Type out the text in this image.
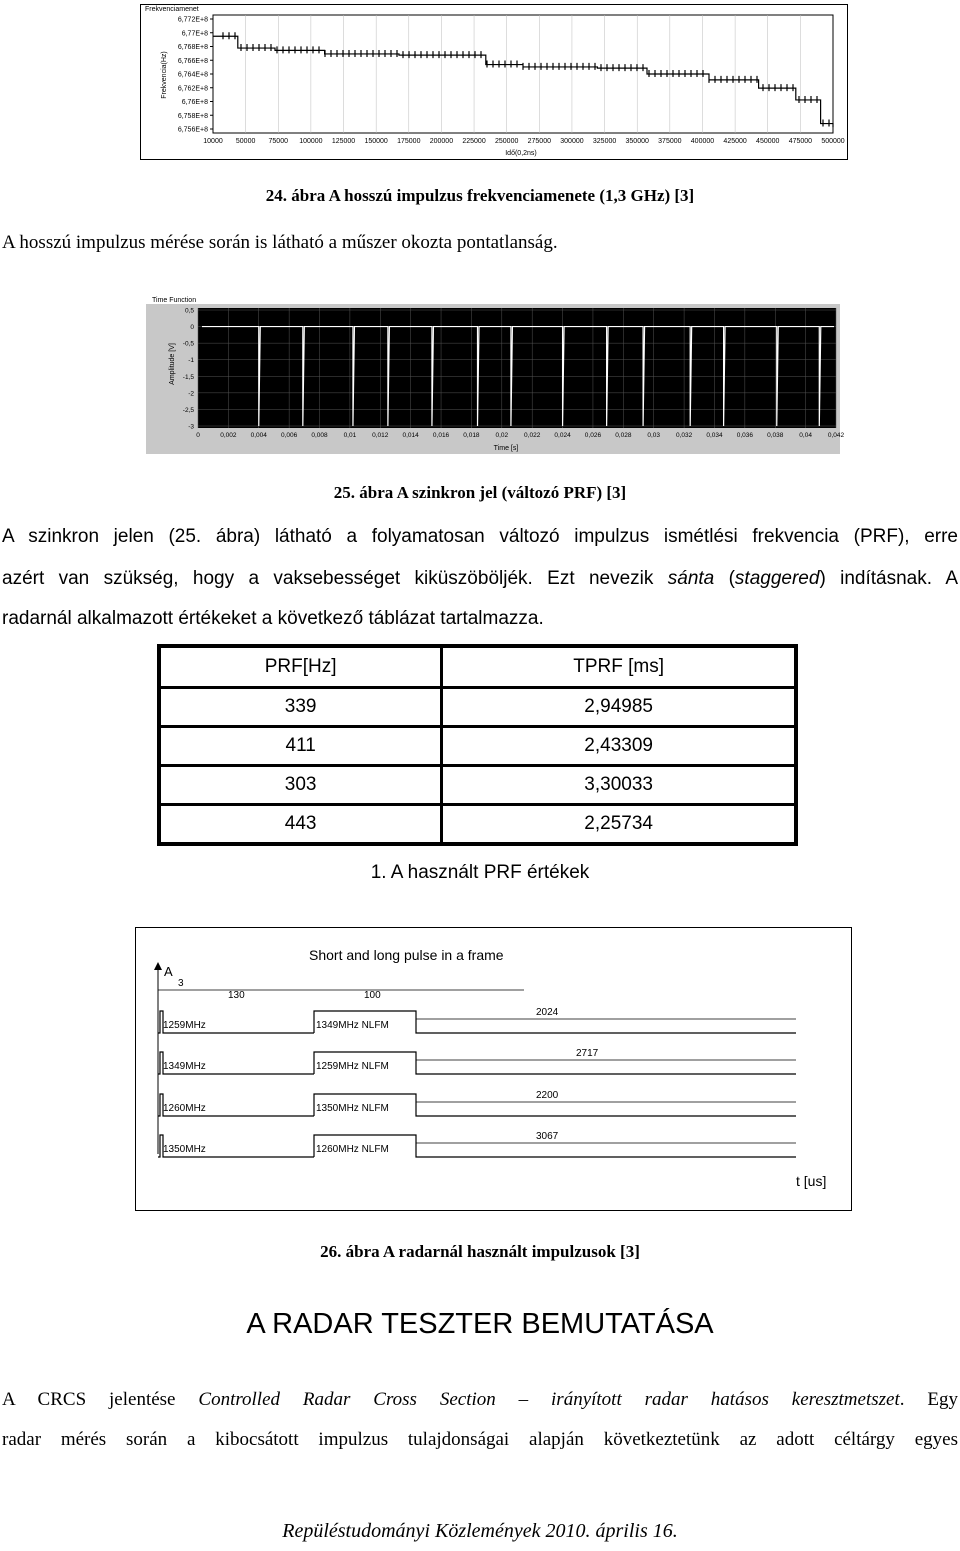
Frekvenciamenet
Frekvencia(Hz)
6,772E+8
6,77E+8
6,768E+8
6,766E+8
6,764E+8
6,762E+8
6,76E+8
6,758E+8
6,756E+8
10000 50000 75000 100000 125000 150000 175000 200000 225000 250000 275000 300000 325000 350000 375000 400000 425000 450000 475000 500000
Idő(0,2ns)
24. ábra A hosszú impulzus frekvenciamenete (1,3 GHz) [3]
A hosszú impulzus mérése során is látható a műszer okozta pontatlanság.
Time Function
Amplitude [V]
0,5
0
-0,5
-1
-1,5
-2
-2,5
-3
0	0,002 0,004 0,006 0,008 0,01 0,012 0,014 0,016 0,018 0,02 0,022 0,024 0,026 0,028 0,03 0,032 0,034 0,036 0,038 0,04 0,042
Time [s]
25. ábra A szinkron jel (változó PRF) [3]
A szinkron jelen (25. ábra) látható a folyamatosan változó impulzus ismétlési frekvencia (PRF), erre
azért van szükség, hogy a vaksebességet kiküszöböljék. Ezt nevezik sánta (staggered) indításnak. A
radarnál alkalmazott értékeket a következő táblázat tartalmazza.
PRF[Hz]	TPRF [ms]
339	2,94985
411	2,43309
303	3,30033
443	2,25734
1. A használt PRF értékek
Short and long pulse in a frame
A
3
130	100
1259MHz	1349MHz NLFM
2024
1349MHz	1259MHz NLFM
2717
1260MHz	1350MHz NLFM
2200
1350MHz	1260MHz NLFM
3067
t [us]
26. ábra A radarnál használt impulzusok [3]
A RADAR TESZTER BEMUTATÁSA
A CRCS jelentése Controlled Radar Cross Section – irányított radar hatásos keresztmetszet. Egy
radar mérés során a kibocsátott impulzus tulajdonságai alapján következtetünk az adott céltárgy egyes
Repüléstudományi Közlemények 2010. április 16.
